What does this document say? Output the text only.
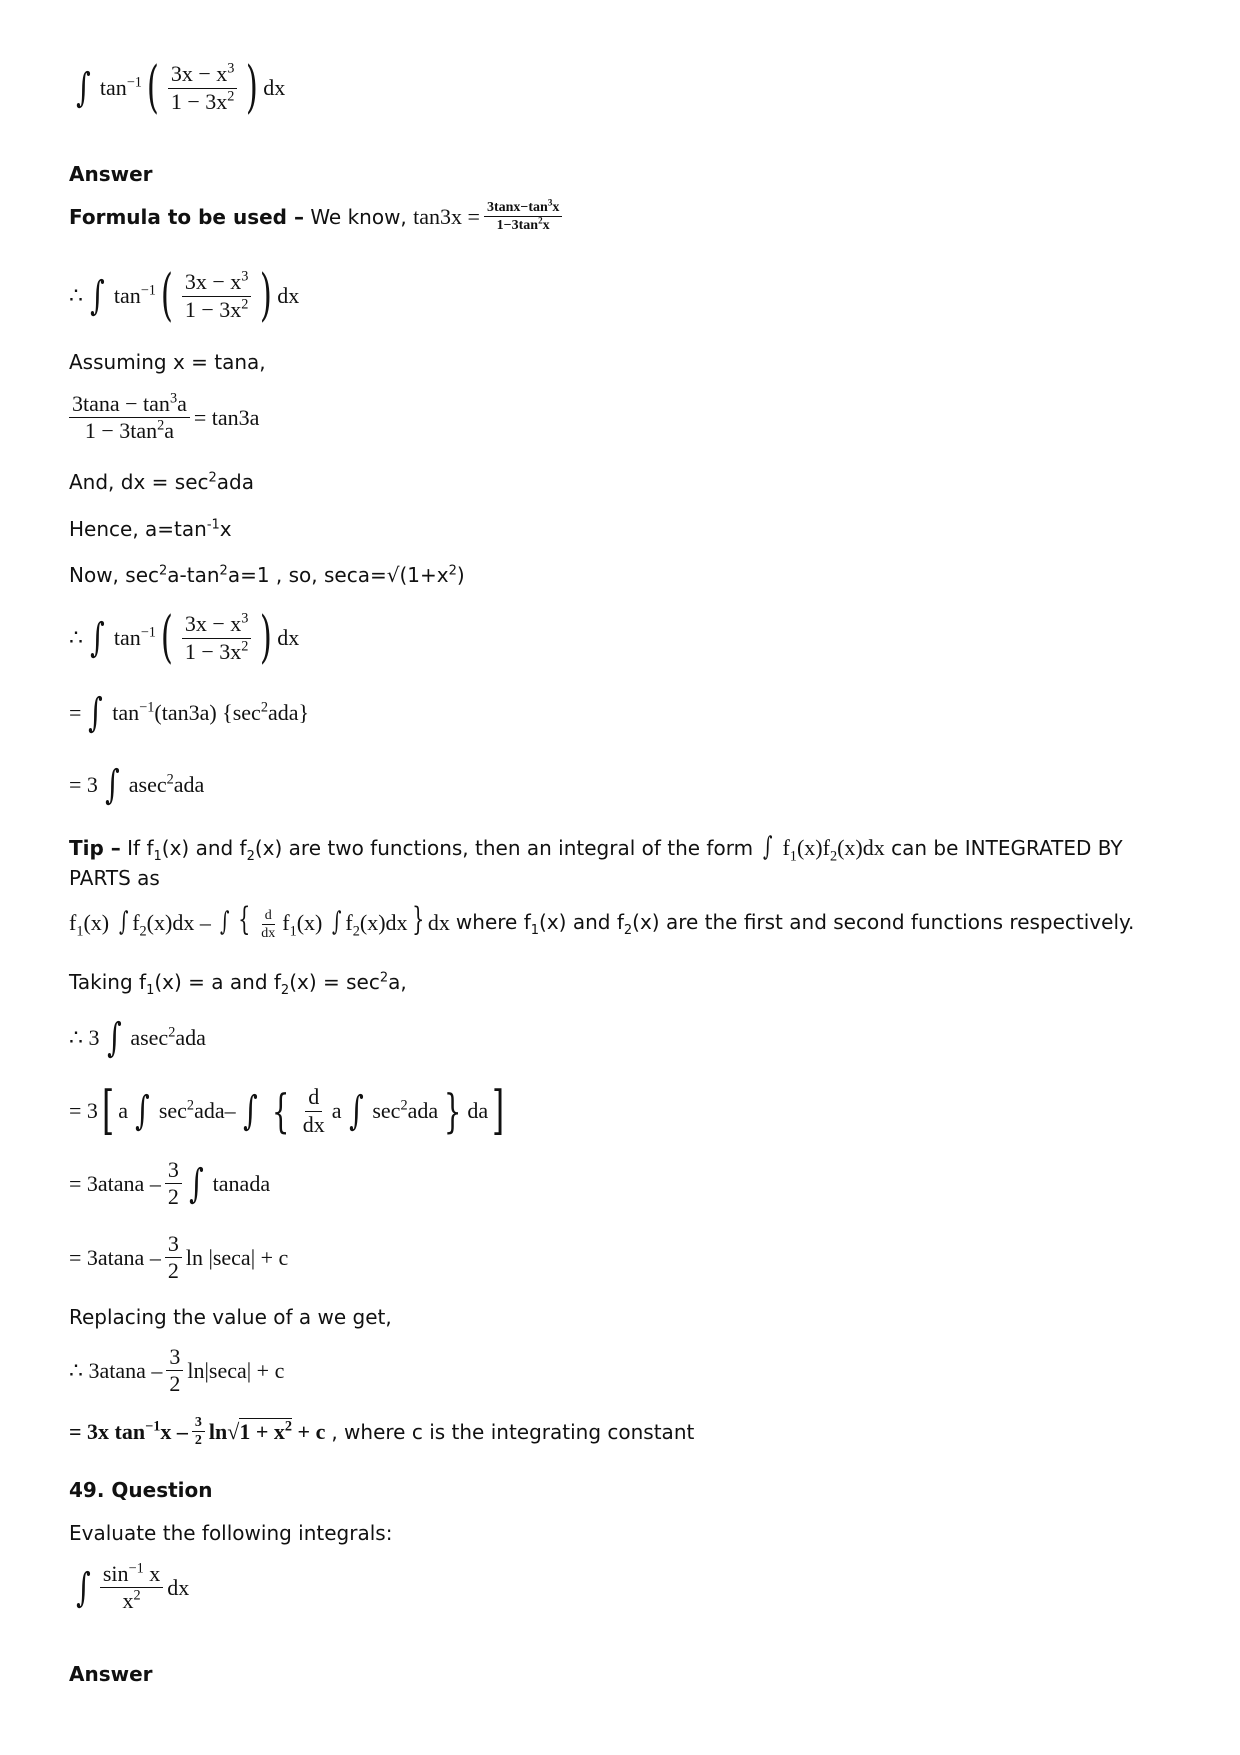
∫ $\tan^{-1}$ ( $\frac{3x - x^3}{1 - 3x^2}$ ) dx
Answer
Formula to be used –
We know,
$\tan 3x = \frac{3\tan x-\tan^3x}{1-3\tan^2x}$
∴ ∫ $\tan^{-1}$ ( $\frac{3x - x^3}{1 - 3x^2}$ ) dx
Assuming x = tana,
$\frac{3\tan a - \tan^3a}{1 - 3\tan^2a} = \tan 3a$
And, dx = $\sec^2ada$
Hence, $a=\tan^{-1}x$
Now, $\sec^2a-\tan^2a=1$ , so, $\sec a=√(1+x^2)$
∴ ∫ $\tan^{-1}$ ( $\frac{3x - x^3}{1 - 3x^2}$ ) dx
= ∫ $\tan^{-1}(\tan 3a)$ $\{\sec^2ada\}$
= 3 ∫ asec$^2$ada
Tip – If $f_1(x)$ and $f_2(x)$ are two functions, then an integral of the form ∫ $f_1(x)f_2(x)dx$ can be INTEGRATED BY PARTS as
$f_1(x)$ ∫ $f_2(x)dx$ – ∫ { $\frac{d}{dx} f_1(x)$ ∫ $f_2(x)dx$ } dx where $f_1(x)$ and $f_2(x)$ are the first and second functions respectively.
Taking $f_1(x) = a$ and $f_2(x) = \sec^2a$,
∴ 3 ∫ asec$^2$ada
= 3 [ a ∫ $\sec^2ada-$ ∫ { $\frac{d}{dx}$ a ∫ $\sec^2ada$ } da ]
= $3atana - \frac{3}{2}$ ∫ tanada
= $3atana - \frac{3}{2}$ ln |seca| + c
Replacing the value of a we get,
∴ $3atana - \frac{3}{2} \ln|\sec a| + c$
= 3x $\tan^{-1}x - \frac{3}{2} \ln√1 + x^2 + c$ , where c is the integrating constant
49. Question
Evaluate the following integrals:
∫ $\frac{\sin^{-1} x}{x^2}$ dx
Answer
